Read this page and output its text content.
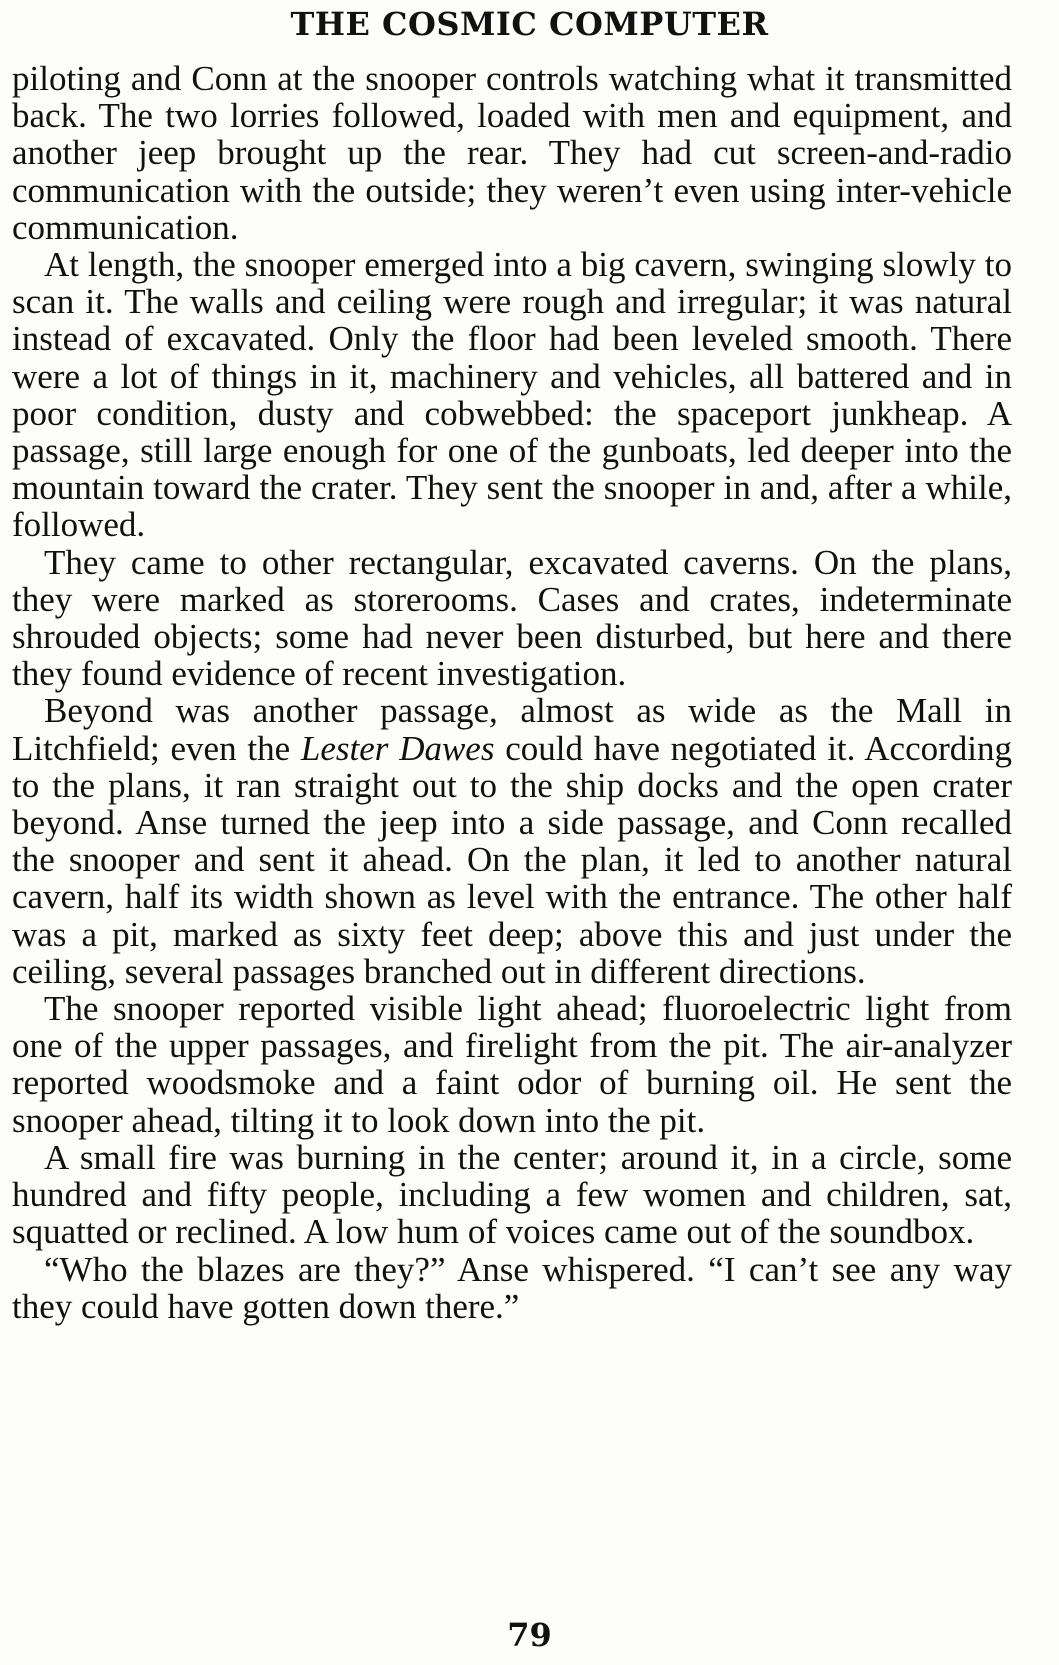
THE COSMIC COMPUTER

piloting and Conn at the snooper controls watching what it transmitted back. The two lorries followed, loaded with men and equipment, and another jeep brought up the rear. They had cut screen-and-radio communication with the outside; they weren’t even using inter-vehicle communication.

At length, the snooper emerged into a big cavern, swinging slowly to scan it. The walls and ceiling were rough and irregular; it was natural instead of excavated. Only the floor had been leveled smooth. There were a lot of things in it, machinery and vehicles, all battered and in poor condition, dusty and cobwebbed: the spaceport junkheap. A passage, still large enough for one of the gunboats, led deeper into the mountain toward the crater. They sent the snooper in and, after a while, followed.

They came to other rectangular, excavated caverns. On the plans, they were marked as storerooms. Cases and crates, indeterminate shrouded objects; some had never been disturbed, but here and there they found evidence of recent investigation.

Beyond was another passage, almost as wide as the Mall in Litchfield; even the Lester Dawes could have negotiated it. According to the plans, it ran straight out to the ship docks and the open crater beyond. Anse turned the jeep into a side passage, and Conn recalled the snooper and sent it ahead. On the plan, it led to another natural cavern, half its width shown as level with the entrance. The other half was a pit, marked as sixty feet deep; above this and just under the ceiling, several passages branched out in different directions.

The snooper reported visible light ahead; fluoroelectric light from one of the upper passages, and firelight from the pit. The air-analyzer reported woodsmoke and a faint odor of burning oil. He sent the snooper ahead, tilting it to look down into the pit.

A small fire was burning in the center; around it, in a circle, some hundred and fifty people, including a few women and children, sat, squatted or reclined. A low hum of voices came out of the soundbox.

“Who the blazes are they?” Anse whispered. “I can’t see any way they could have gotten down there.”

79
